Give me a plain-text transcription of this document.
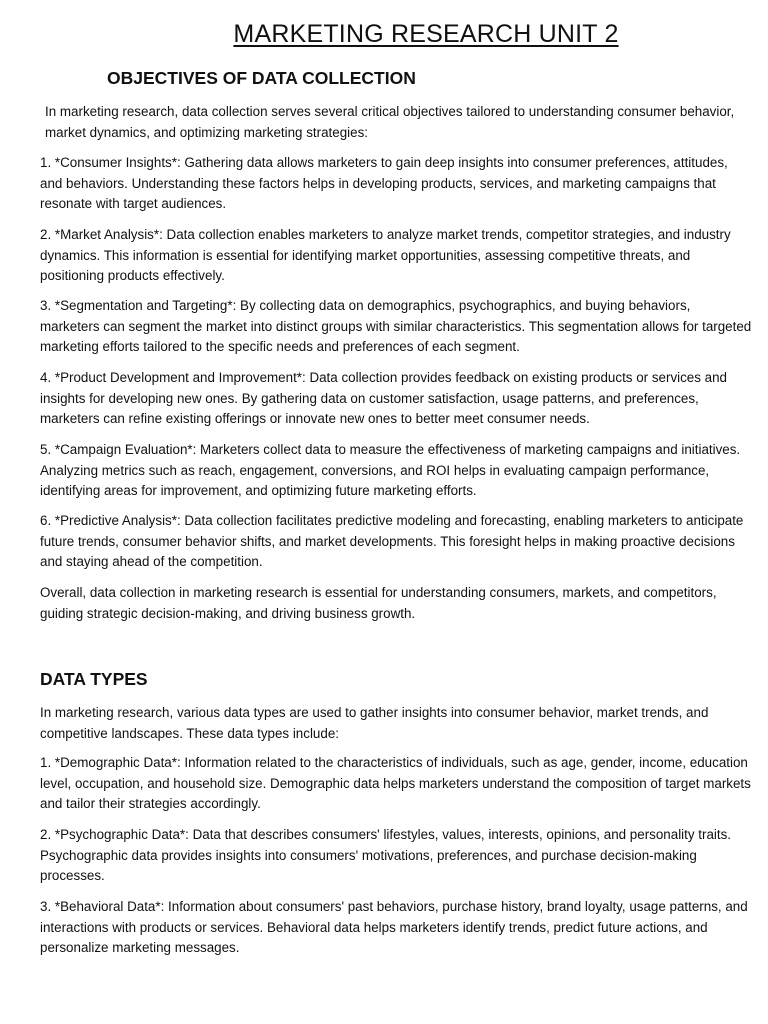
MARKETING RESEARCH UNIT 2
OBJECTIVES OF DATA COLLECTION

In marketing research, data collection serves several critical objectives tailored to understanding consumer behavior, market dynamics, and optimizing marketing strategies:

1. *Consumer Insights*: Gathering data allows marketers to gain deep insights into consumer preferences, attitudes, and behaviors. Understanding these factors helps in developing products, services, and marketing campaigns that resonate with target audiences.

2. *Market Analysis*: Data collection enables marketers to analyze market trends, competitor strategies, and industry dynamics. This information is essential for identifying market opportunities, assessing competitive threats, and positioning products effectively.

3. *Segmentation and Targeting*: By collecting data on demographics, psychographics, and buying behaviors, marketers can segment the market into distinct groups with similar characteristics. This segmentation allows for targeted marketing efforts tailored to the specific needs and preferences of each segment.

4. *Product Development and Improvement*: Data collection provides feedback on existing products or services and insights for developing new ones. By gathering data on customer satisfaction, usage patterns, and preferences, marketers can refine existing offerings or innovate new ones to better meet consumer needs.

5. *Campaign Evaluation*: Marketers collect data to measure the effectiveness of marketing campaigns and initiatives. Analyzing metrics such as reach, engagement, conversions, and ROI helps in evaluating campaign performance, identifying areas for improvement, and optimizing future marketing efforts.

6. *Predictive Analysis*: Data collection facilitates predictive modeling and forecasting, enabling marketers to anticipate future trends, consumer behavior shifts, and market developments. This foresight helps in making proactive decisions and staying ahead of the competition.

Overall, data collection in marketing research is essential for understanding consumers, markets, and competitors, guiding strategic decision-making, and driving business growth.

DATA TYPES

In marketing research, various data types are used to gather insights into consumer behavior, market trends, and competitive landscapes. These data types include:

1. *Demographic Data*: Information related to the characteristics of individuals, such as age, gender, income, education level, occupation, and household size. Demographic data helps marketers understand the composition of target markets and tailor their strategies accordingly.

2. *Psychographic Data*: Data that describes consumers' lifestyles, values, interests, opinions, and personality traits. Psychographic data provides insights into consumers' motivations, preferences, and purchase decision-making processes.

3. *Behavioral Data*: Information about consumers' past behaviors, purchase history, brand loyalty, usage patterns, and interactions with products or services. Behavioral data helps marketers identify trends, predict future actions, and personalize marketing messages.
